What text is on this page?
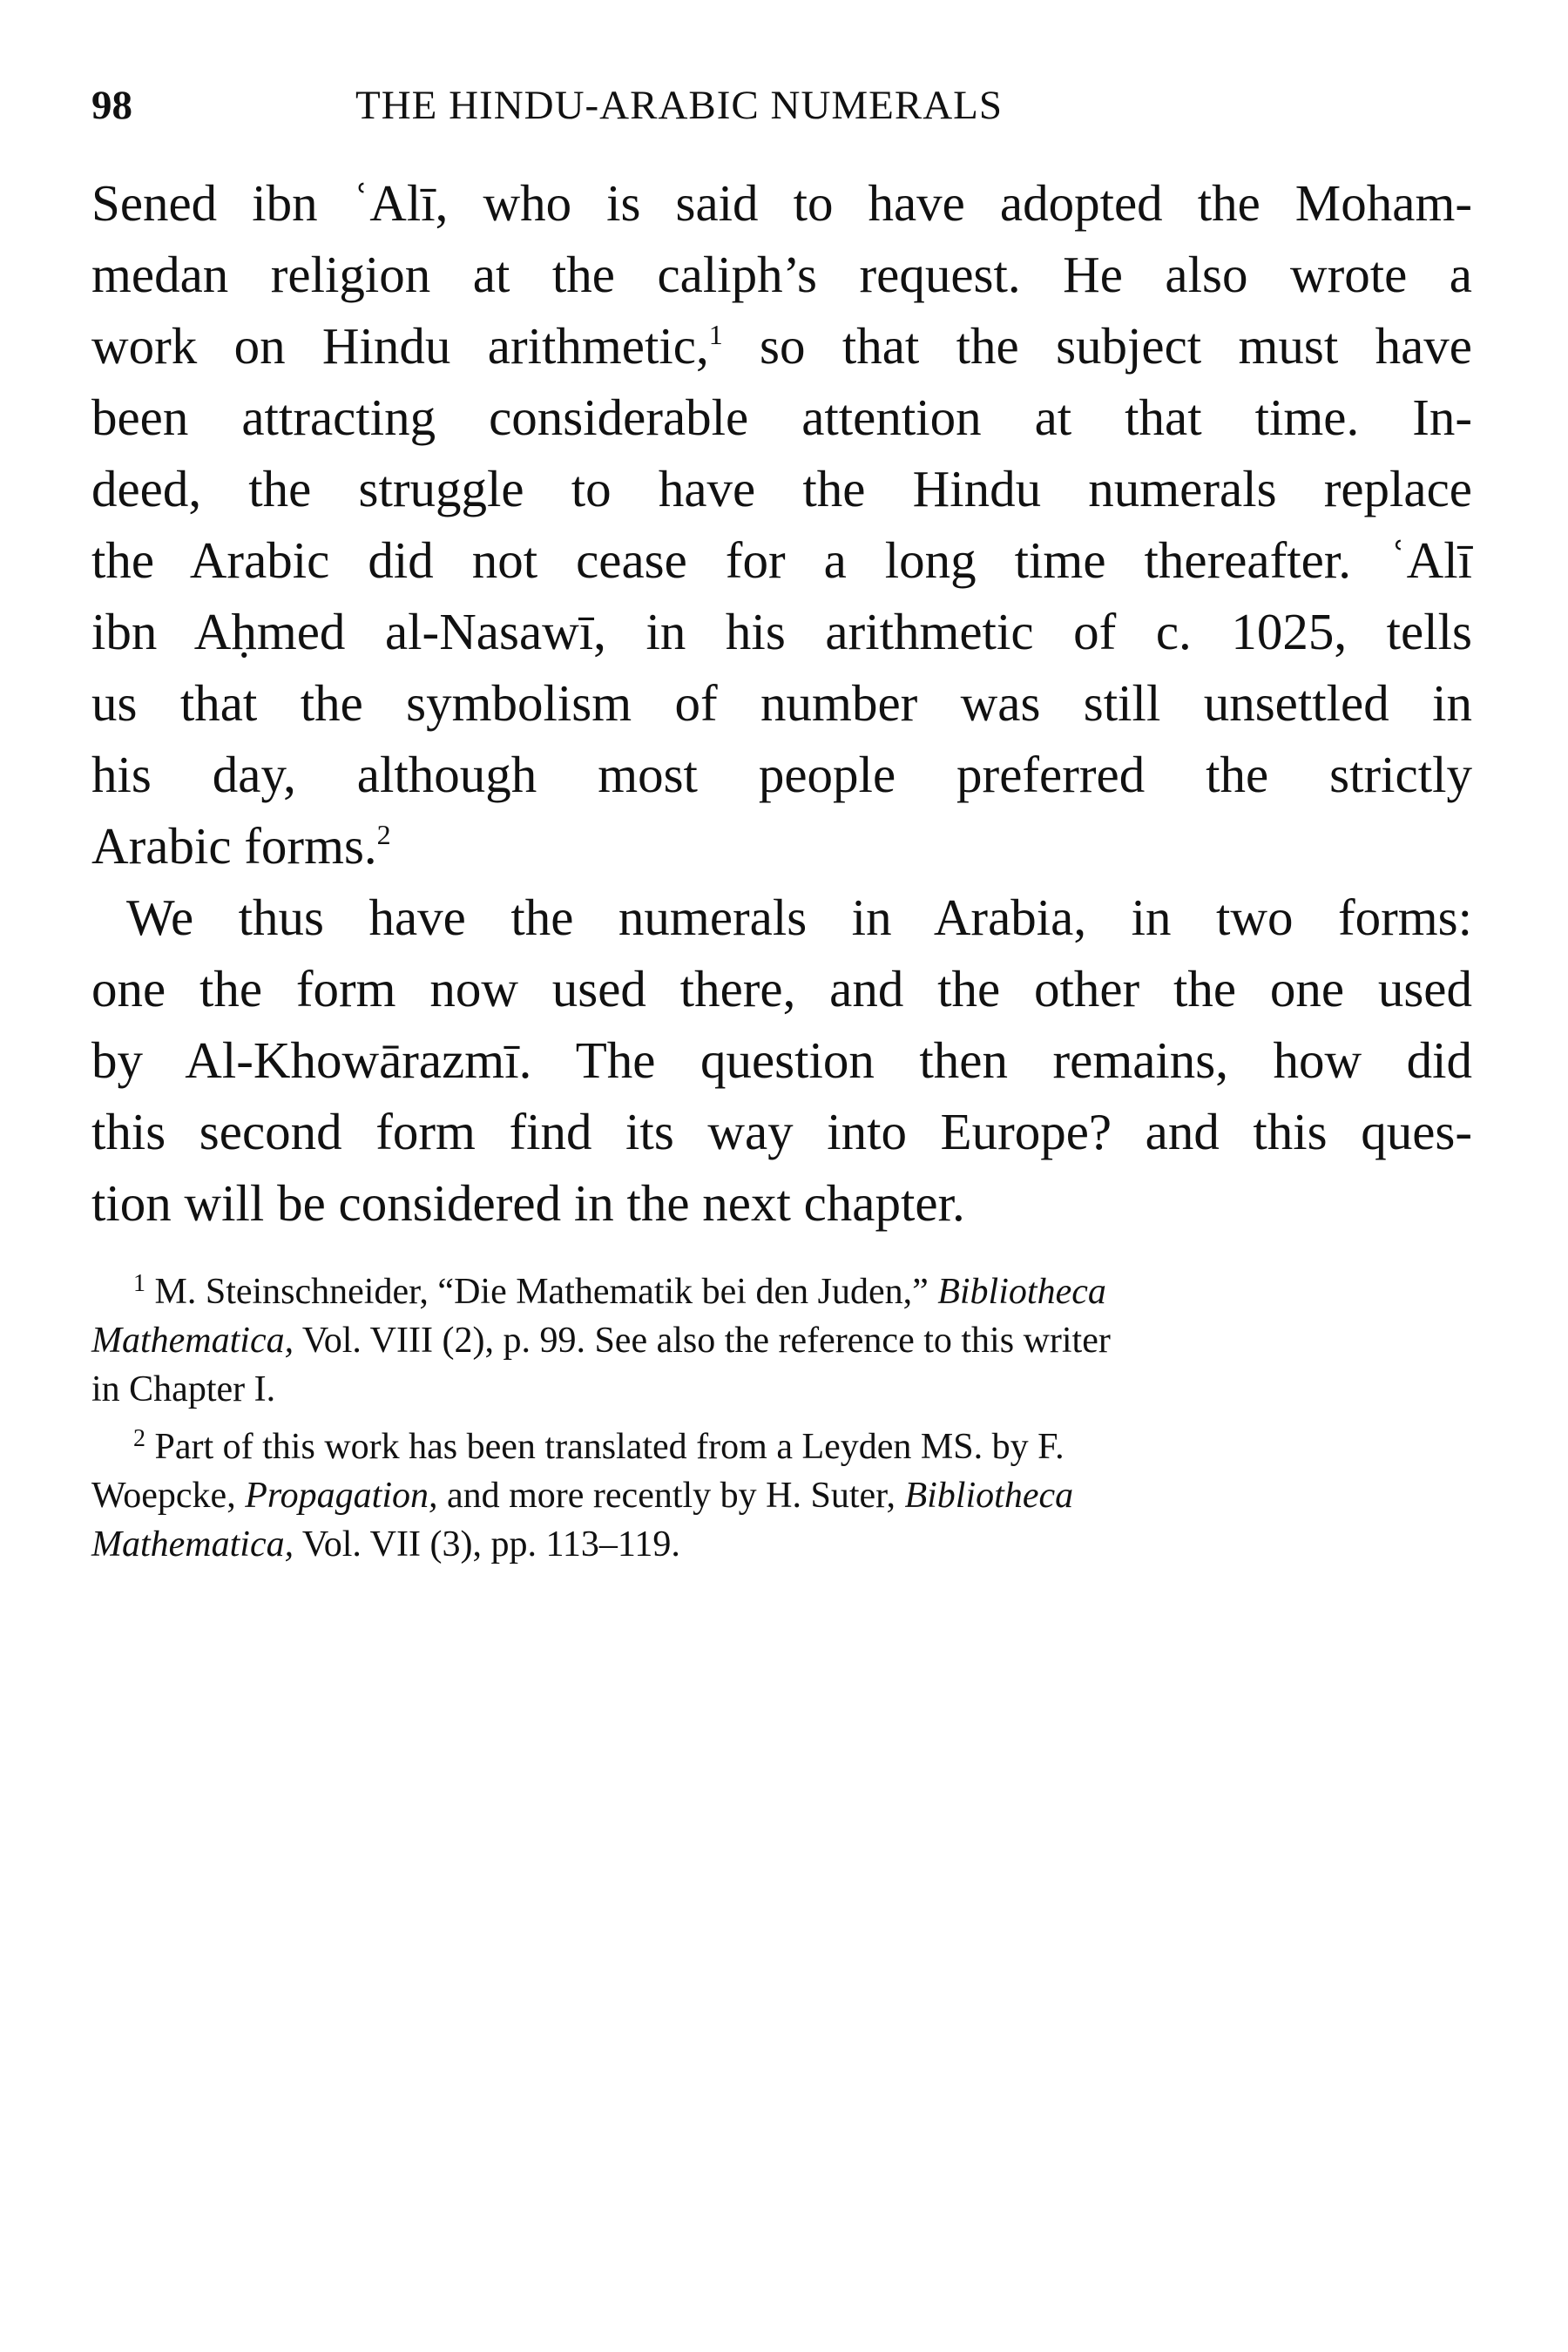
98	THE HINDU-ARABIC NUMERALS
Sened ibn ʿAlī, who is said to have adopted the Moham-
medan religion at the caliph’s request. He also wrote a
work on Hindu arithmetic,$^1$ so that the subject must have
been attracting considerable attention at that time. In-
deed, the struggle to have the Hindu numerals replace
the Arabic did not cease for a long time thereafter. ʿAlī
ibn Aḥmed al-Nasawī, in his arithmetic of c. 1025, tells
us that the symbolism of number was still unsettled in
his day, although most people preferred the strictly
Arabic forms.$^2$
We thus have the numerals in Arabia, in two forms:
one the form now used there, and the other the one used
by Al-Khowārazmī. The question then remains, how did
this second form find its way into Europe? and this ques-
tion will be considered in the next chapter.
$^1$ M. Steinschneider, “Die Mathematik bei den Juden,” Bibliotheca
Mathematica, Vol. VIII (2), p. 99. See also the reference to this writer
in Chapter I.
$^2$ Part of this work has been translated from a Leyden MS. by F.
Woepcke, Propagation, and more recently by H. Suter, Bibliotheca
Mathematica, Vol. VII (3), pp. 113–119.
